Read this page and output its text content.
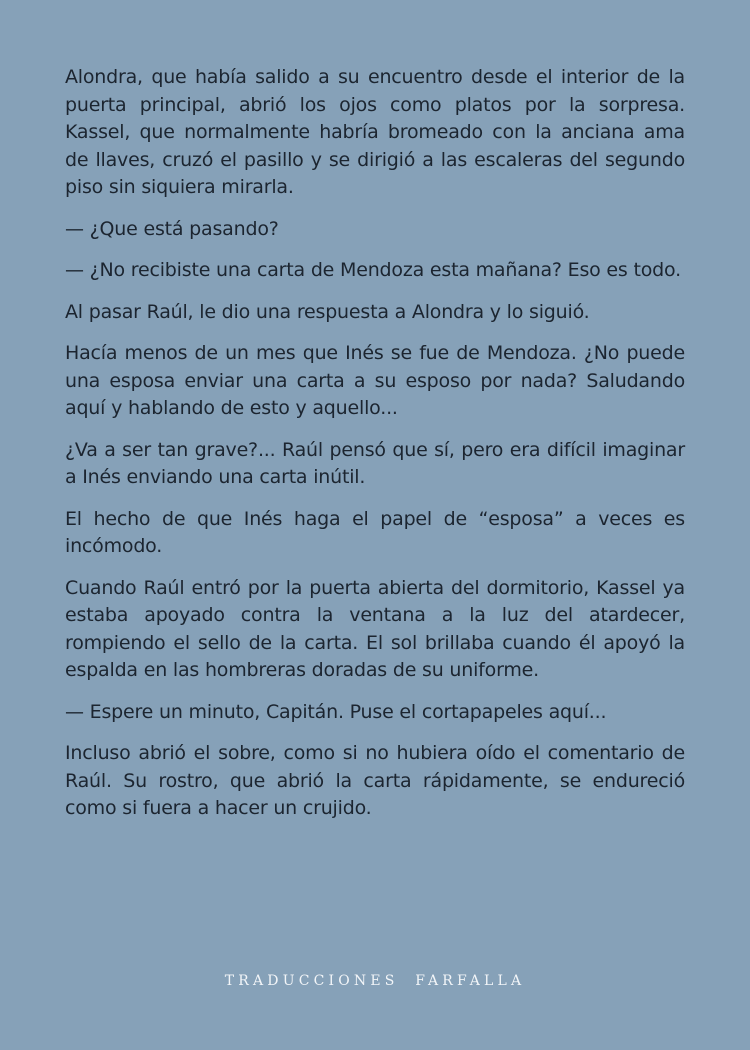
Alondra, que había salido a su encuentro desde el interior de la puerta principal, abrió los ojos como platos por la sorpresa. Kassel, que normalmente habría bromeado con la anciana ama de llaves, cruzó el pasillo y se dirigió a las escaleras del segundo piso sin siquiera mirarla.

— ¿Que está pasando?

— ¿No recibiste una carta de Mendoza esta mañana? Eso es todo.

Al pasar Raúl, le dio una respuesta a Alondra y lo siguió.

Hacía menos de un mes que Inés se fue de Mendoza. ¿No puede una esposa enviar una carta a su esposo por nada? Saludando aquí y hablando de esto y aquello...

¿Va a ser tan grave?... Raúl pensó que sí, pero era difícil imaginar a Inés enviando una carta inútil.

El hecho de que Inés haga el papel de “esposa” a veces es incómodo.

Cuando Raúl entró por la puerta abierta del dormitorio, Kassel ya estaba apoyado contra la ventana a la luz del atardecer, rompiendo el sello de la carta. El sol brillaba cuando él apoyó la espalda en las hombreras doradas de su uniforme.

— Espere un minuto, Capitán. Puse el cortapapeles aquí...

Incluso abrió el sobre, como si no hubiera oído el comentario de Raúl. Su rostro, que abrió la carta rápidamente, se endureció como si fuera a hacer un crujido.

TRADUCCIONES FARFALLA
